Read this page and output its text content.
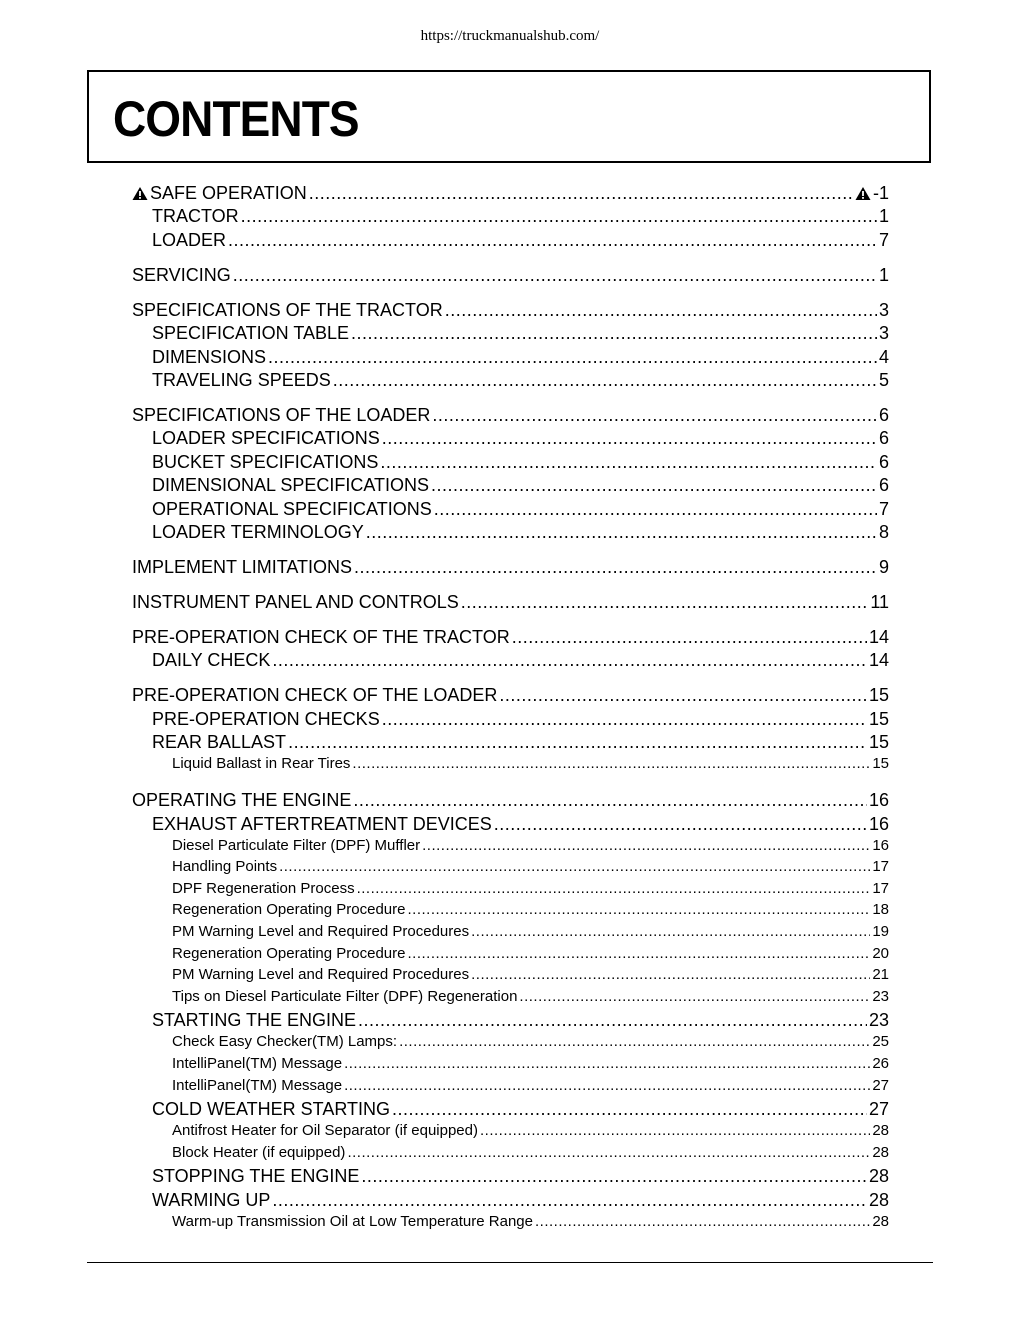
https://truckmanualshub.com/
CONTENTS
SAFE OPERATION .....	-1
TRACTOR .....	1
LOADER .....	7
SERVICING .....	1
SPECIFICATIONS OF THE TRACTOR .....	3
SPECIFICATION TABLE .....	3
DIMENSIONS .....	4
TRAVELING SPEEDS .....	5
SPECIFICATIONS OF THE LOADER .....	6
LOADER SPECIFICATIONS .....	6
BUCKET SPECIFICATIONS .....	6
DIMENSIONAL SPECIFICATIONS .....	6
OPERATIONAL SPECIFICATIONS .....	7
LOADER TERMINOLOGY .....	8
IMPLEMENT LIMITATIONS .....	9
INSTRUMENT PANEL AND CONTROLS .....	11
PRE-OPERATION CHECK OF THE TRACTOR .....	14
DAILY CHECK .....	14
PRE-OPERATION CHECK OF THE LOADER .....	15
PRE-OPERATION CHECKS .....	15
REAR BALLAST .....	15
Liquid Ballast in Rear Tires .....	15
OPERATING THE ENGINE .....	16
EXHAUST AFTERTREATMENT DEVICES .....	16
Diesel Particulate Filter (DPF) Muffler .....	16
Handling Points .....	17
DPF Regeneration Process .....	17
Regeneration Operating Procedure .....	18
PM Warning Level and Required Procedures .....	19
Regeneration Operating Procedure .....	20
PM Warning Level and Required Procedures .....	21
Tips on Diesel Particulate Filter (DPF) Regeneration .....	23
STARTING THE ENGINE .....	23
Check Easy Checker(TM) Lamps: .....	25
IntelliPanel(TM) Message .....	26
IntelliPanel(TM) Message .....	27
COLD WEATHER STARTING .....	27
Antifrost Heater for Oil Separator (if equipped) .....	28
Block Heater (if equipped) .....	28
STOPPING THE ENGINE .....	28
WARMING UP .....	28
Warm-up Transmission Oil at Low Temperature Range .....	28
